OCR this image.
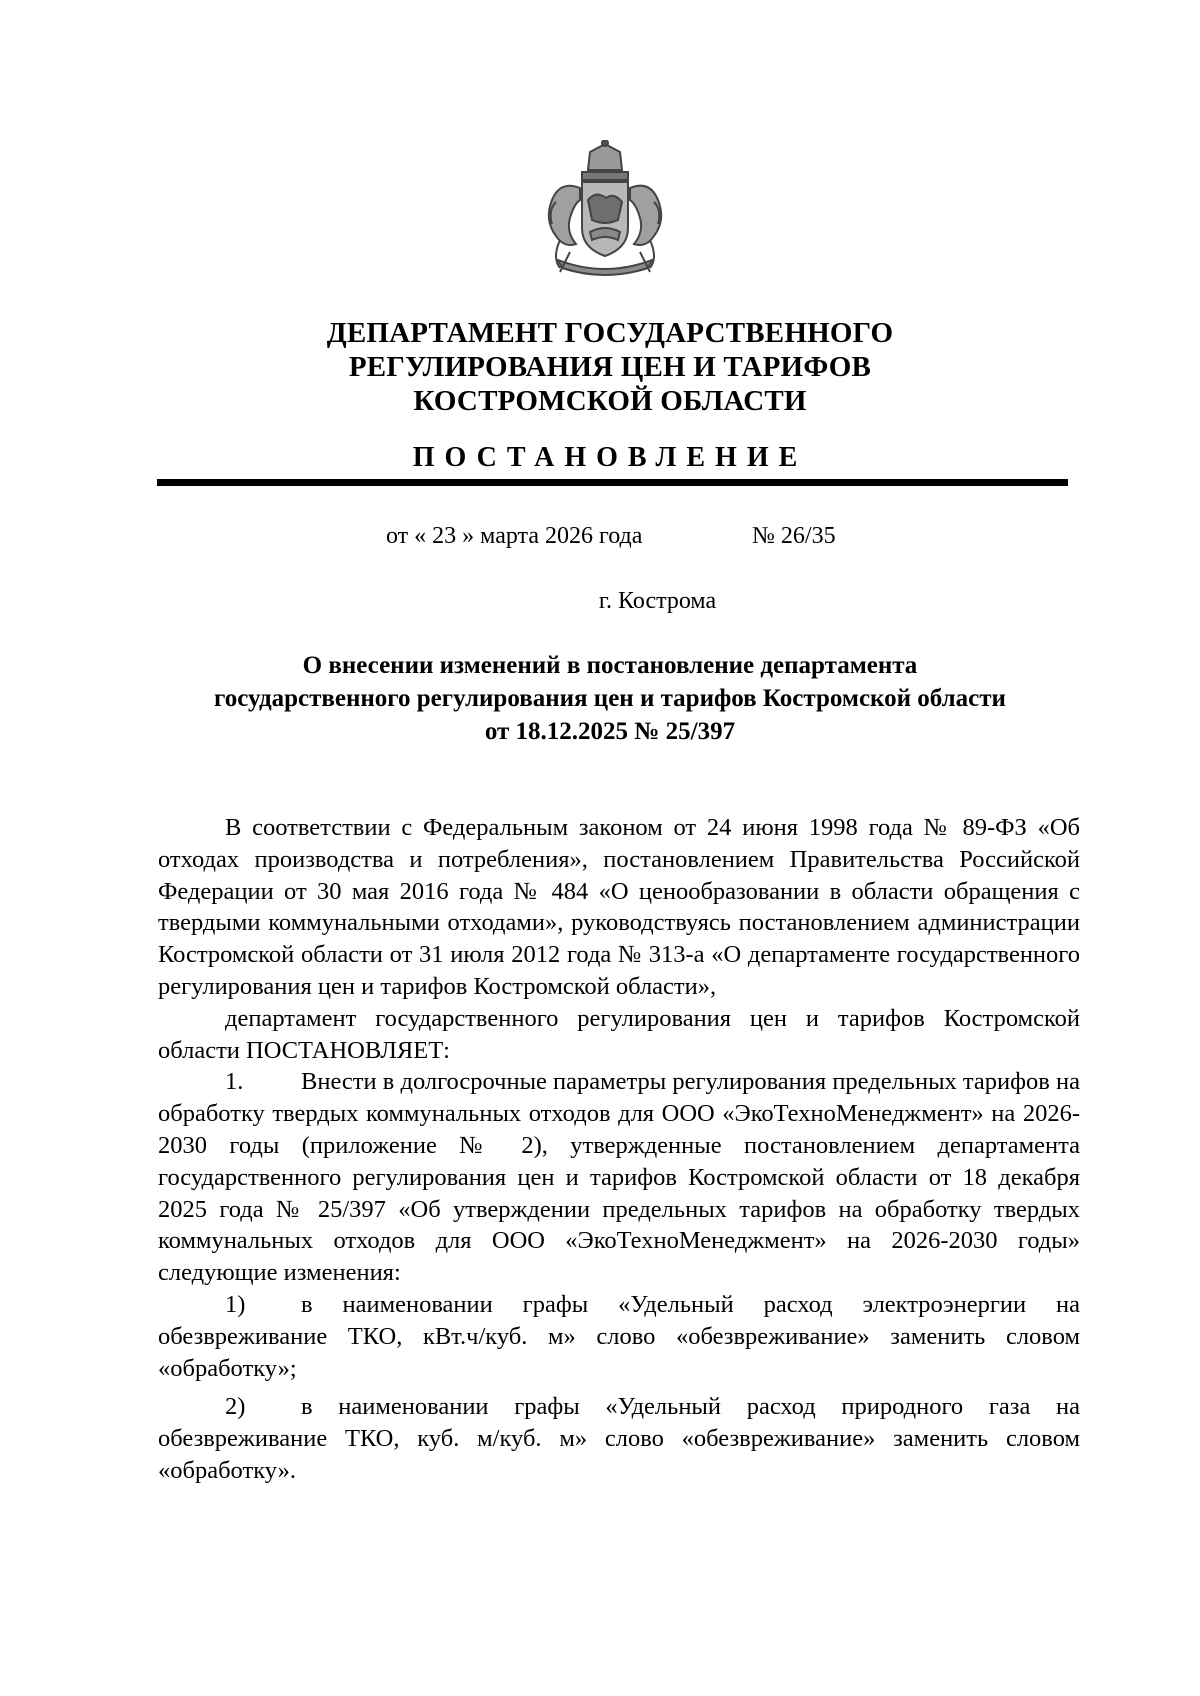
ДЕПАРТАМЕНТ ГОСУДАРСТВЕННОГО
РЕГУЛИРОВАНИЯ ЦЕН И ТАРИФОВ
КОСТРОМСКОЙ ОБЛАСТИ
ПОСТАНОВЛЕНИЕ
от « 23 » марта 2026 года	№ 26/35
г. Кострома
О внесении изменений в постановление департамента
государственного регулирования цен и тарифов Костромской области
от 18.12.2025 № 25/397

В соответствии с Федеральным законом от 24 июня 1998 года № 89-ФЗ «Об отходах производства и потребления», постановлением Правительства Российской Федерации от 30 мая 2016 года № 484 «О ценообразовании в области обращения с твердыми коммунальными отходами», руководствуясь постановлением администрации Костромской области от 31 июля 2012 года № 313-а «О департаменте государственного регулирования цен и тарифов Костромской области»,

департамент государственного регулирования цен и тарифов Костромской области ПОСТАНОВЛЯЕТ:

1. Внести в долгосрочные параметры регулирования предельных тарифов на обработку твердых коммунальных отходов для ООО «ЭкоТехноМенеджмент» на 2026-2030 годы (приложение № 2), утвержденные постановлением департамента государственного регулирования цен и тарифов Костромской области от 18 декабря 2025 года № 25/397 «Об утверждении предельных тарифов на обработку твердых коммунальных отходов для ООО «ЭкоТехноМенеджмент» на 2026-2030 годы» следующие изменения:

1) в наименовании графы «Удельный расход электроэнергии на обезвреживание ТКО, кВт.ч/куб. м» слово «обезвреживание» заменить словом «обработку»;

2) в наименовании графы «Удельный расход природного газа на обезвреживание ТКО, куб. м/куб. м» слово «обезвреживание» заменить словом «обработку».
